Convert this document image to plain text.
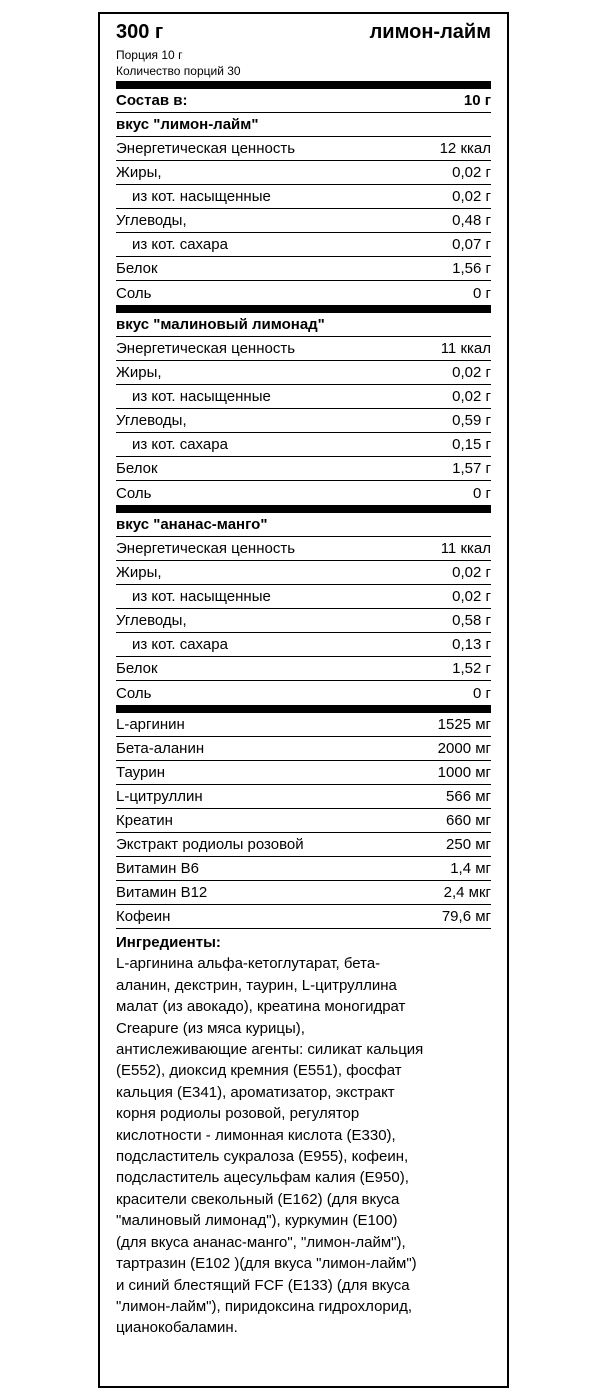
300 г	лимон-лайм
Порция 10 г
Количество порций 30
Состав в:	10 г
вкус "лимон-лайм"
Энергетическая ценность	12 ккал
Жиры,	0,02 г
из кот. насыщенные	0,02 г
Углеводы,	0,48 г
из кот. сахара	0,07 г
Белок	1,56 г
Соль	0 г
вкус "малиновый лимонад"
Энергетическая ценность	11 ккал
Жиры,	0,02 г
из кот. насыщенные	0,02 г
Углеводы,	0,59 г
из кот. сахара	0,15 г
Белок	1,57 г
Соль	0 г
вкус "ананас-манго"
Энергетическая ценность	11 ккал
Жиры,	0,02 г
из кот. насыщенные	0,02 г
Углеводы,	0,58 г
из кот. сахара	0,13 г
Белок	1,52 г
Соль	0 г
L-аргинин	1525 мг
Бета-аланин	2000 мг
Таурин	1000 мг
L-цитруллин	566 мг
Креатин	660 мг
Экстракт родиолы розовой	250 мг
Витамин B6	1,4 мг
Витамин B12	2,4 мкг
Кофеин	79,6 мг
Ингредиенты:
L-аргинина альфа-кетоглутарат, бета-
аланин, декстрин, таурин, L-цитруллина
малат (из авокадо), креатина моногидрат
Creapure (из мяса курицы),
антислеживающие агенты: силикат кальция
(E552), диоксид кремния (E551), фосфат
кальция (E341), ароматизатор, экстракт
корня родиолы розовой, регулятор
кислотности - лимонная кислота (E330),
подсластитель сукралоза (E955), кофеин,
подсластитель ацесульфам калия (E950),
красители свекольный (E162) (для вкуса
"малиновый лимонад"), куркумин (E100)
(для вкуса ананас-манго", "лимон-лайм"),
тартразин (E102 )(для вкуса "лимон-лайм")
и синий блестящий FCF (E133) (для вкуса
"лимон-лайм"), пиридоксина гидрохлорид,
цианокобаламин.
